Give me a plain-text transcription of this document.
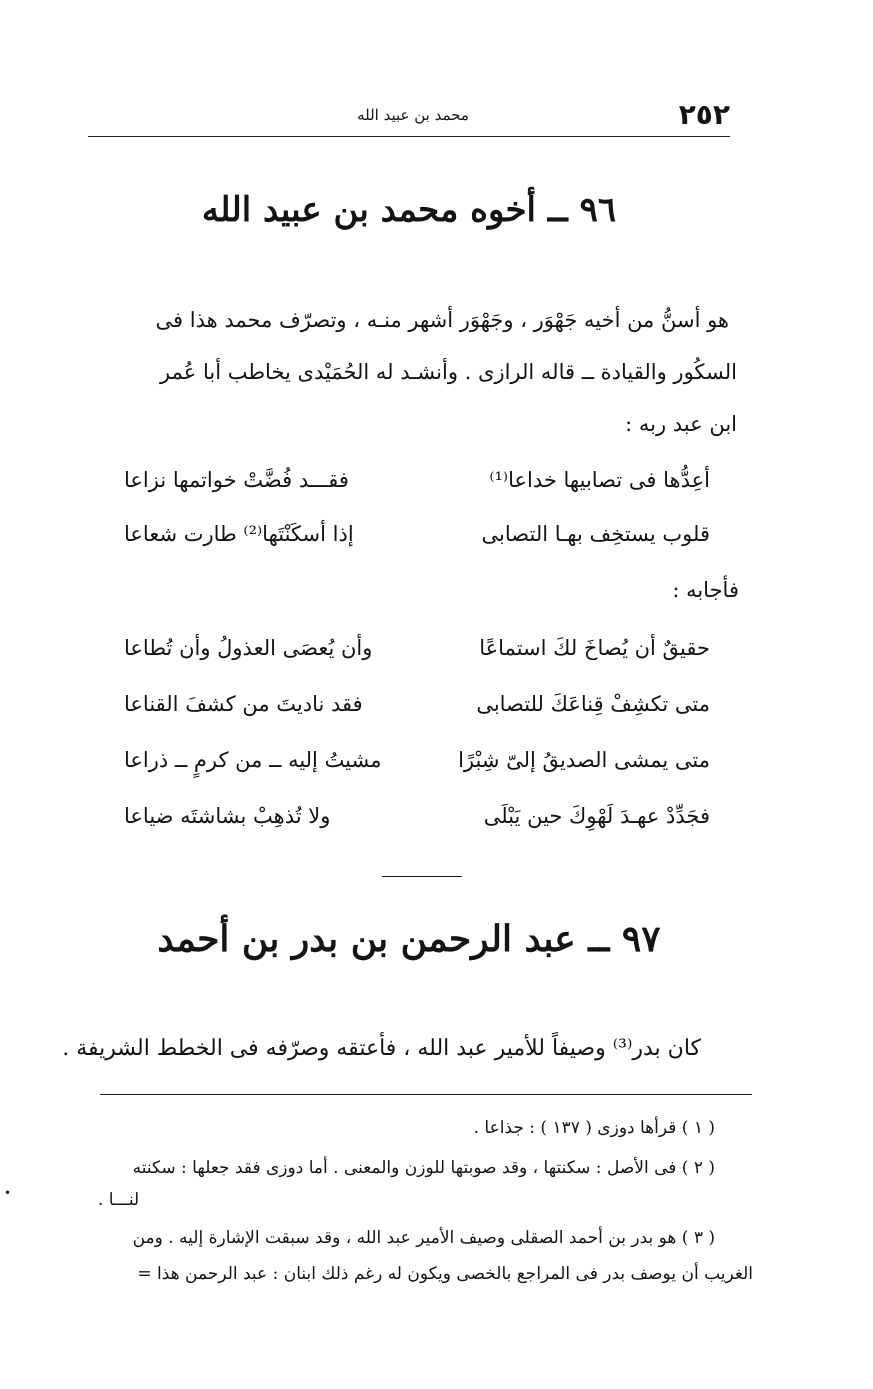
٢٥٢
محمد بن عبيد الله
٩٦ ــ أخوه محمد بن عبيد الله
هو أسنُّ من أخيه جَهْوَر ، وجَهْوَر أشهر منـه ، وتصرّف محمد هذا فى
السكُور والقيادة ــ قاله الرازى . وأنشـد له الحُمَيْدى يخاطب أبا عُمر
ابن عبد ربه :
أعِدُّها فى تصابيها خداعا⁽¹⁾
فقـــد فُضَّتْ خواتمها نزاعا
قلوب يستخِف بهـا التصابى
إذا أسكَنْتَها⁽²⁾ طارت شعاعا
فأجابه :
حقيقٌ أن يُصاخَ لكَ استماعًا
وأن يُعصَى العذولُ وأن تُطاعا
متى تكشِفْ قِناعَكَ للتصابى
فقد ناديتَ من كشفَ القناعا
متى يمشى الصديقُ إلىّ شِبْرًا
مشيتُ إليه ــ من كرمٍ ــ ذراعا
فجَدِّدْ عهـدَ لَهْوِكَ حين يَبْلَى
ولا تُذهِبْ بشاشتَه ضياعا
٩٧ ــ عبد الرحمن بن بدر بن أحمد
كان بدر⁽³⁾ وصيفاً للأمير عبد الله ، فأعتقه وصرّفه فى الخطط الشريفة .
( ١ ) قرأها دوزى ( ١٣٧ ) : جذاعا .
( ٢ ) فى الأصل : سكنتها ، وقد صوبتها للوزن والمعنى . أما دوزى فقد جعلها : سكنته
لنـــا .
( ٣ ) هو بدر بن أحمد الصقلى وصيف الأمير عبد الله ، وقد سبقت الإشارة إليه . ومن
الغريب أن يوصف بدر فى المراجع بالخصى ويكون له رغم ذلك ابنان : عبد الرحمن هذا =
•
